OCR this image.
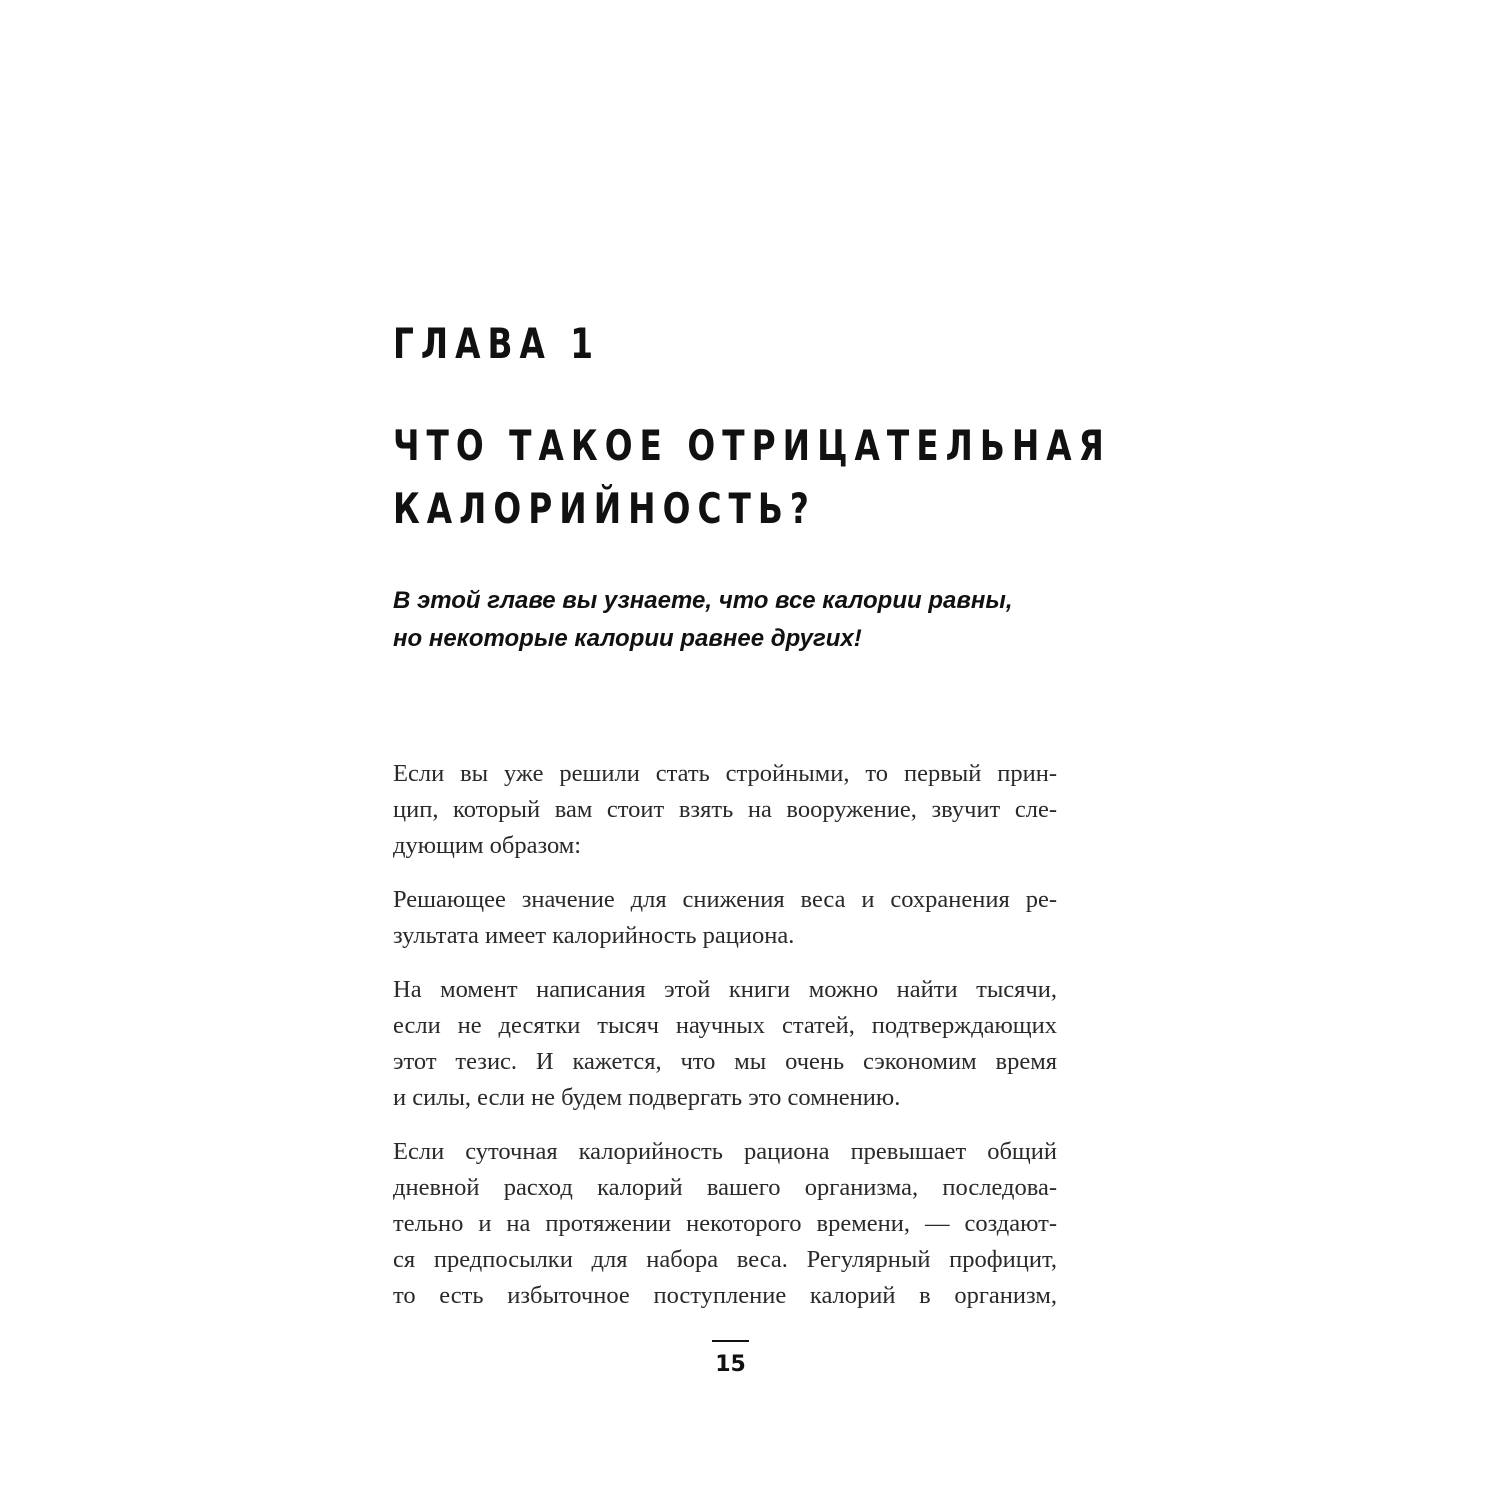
ГЛАВА 1
ЧТО ТАКОЕ ОТРИЦАТЕЛЬНАЯ
КАЛОРИЙНОСТЬ?
В этой главе вы узнаете, что все калории равны,
но некоторые калории равнее других!
Если вы уже решили стать стройными, то первый прин-
цип, который вам стоит взять на вооружение, звучит сле-
дующим образом:
Решающее значение для снижения веса и сохранения ре-
зультата имеет калорийность рациона.
На момент написания этой книги можно найти тысячи,
если не десятки тысяч научных статей, подтверждающих
этот тезис. И кажется, что мы очень сэкономим время
и силы, если не будем подвергать это сомнению.
Если суточная калорийность рациона превышает общий
дневной расход калорий вашего организма, последова-
тельно и на протяжении некоторого времени, — создают-
ся предпосылки для набора веса. Регулярный профицит,
то есть избыточное поступление калорий в организм,
15
